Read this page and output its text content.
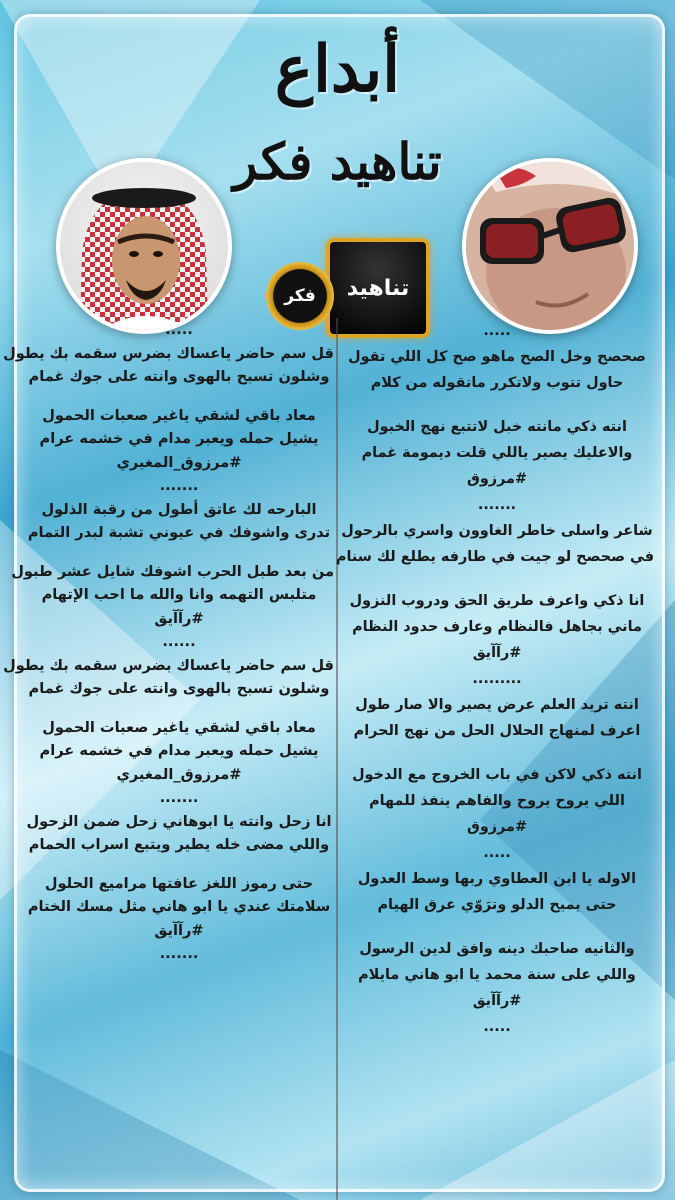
أبداع
تناهيد فكر
تناهيد
فكر
.....
قل سم حاضر ياعساك بضرس سقمه بك يطول
وشلون تسبح بالهوى وانته على جوك غمام
معاد باقي لشقي ياغير صعبات الحمول
يشيل حمله ويعبر مدام في خشمه عرام
#مرزوق_المغيري
.......
البارحه لك عاتق أطول من رقبة الذلول
تدرى واشوفك في عيوني تشبة لبدر التمام
من بعد طبل الحرب اشوفك شايل عشر طبول
متلبس التهمه وانا والله ما احب الإتهام
#رآآيق
......
قل سم حاضر ياعساك بضرس سقمه بك يطول
وشلون تسبح بالهوى وانته على جوك غمام
معاد باقي لشقي ياغير صعبات الحمول
يشيل حمله ويعبر مدام في خشمه عرام
#مرزوق_المغيري
.......
انا زحل وانته يا ابوهاني زحل ضمن الزحول
واللي مضى خله يطير ويتبع اسراب الحمام
حتى رموز اللغز عافتها مراميع الحلول
سلامتك عندي يا ابو هاني مثل مسك الختام
#رآآيق
.......
.....
صحصح وخل الصح ماهو صح كل اللي تقول
حاول تتوب ولاتكرر ماتقوله من كلام
انته ذكي مانته خبل لاتتبع نهج الخبول
والاعليك يصير ياللي قلت ديمومة غمام
#مرزوق
.......
شاعر واسلى خاطر الغاوون واسري بالرحول
في صحصح لو جيت في طارفه يطلع لك سنام
انا ذكي واعرف طريق الحق ودروب النزول
ماني بجاهل فالنظام وعارف حدود النظام
#رآآيق
.........
انته تريد العلم عرض يصير والا صار طول
اعرف لمنهاج الحلال الحل من نهج الحرام
انته ذكي لاكن في باب الخروج مع الدخول
اللي يروح يروح والفاهم ينفذ للمهام
#مرزوق
.....
الاوله يا ابن العطاوي ربها وسط العدول
حتى يميح الدلو وترَوّي عرق الهيام
والثانيه صاحبك دينه وافق لدين الرسول
واللي على سنة محمد يا ابو هاني مايلام
#رآآيق
.....
